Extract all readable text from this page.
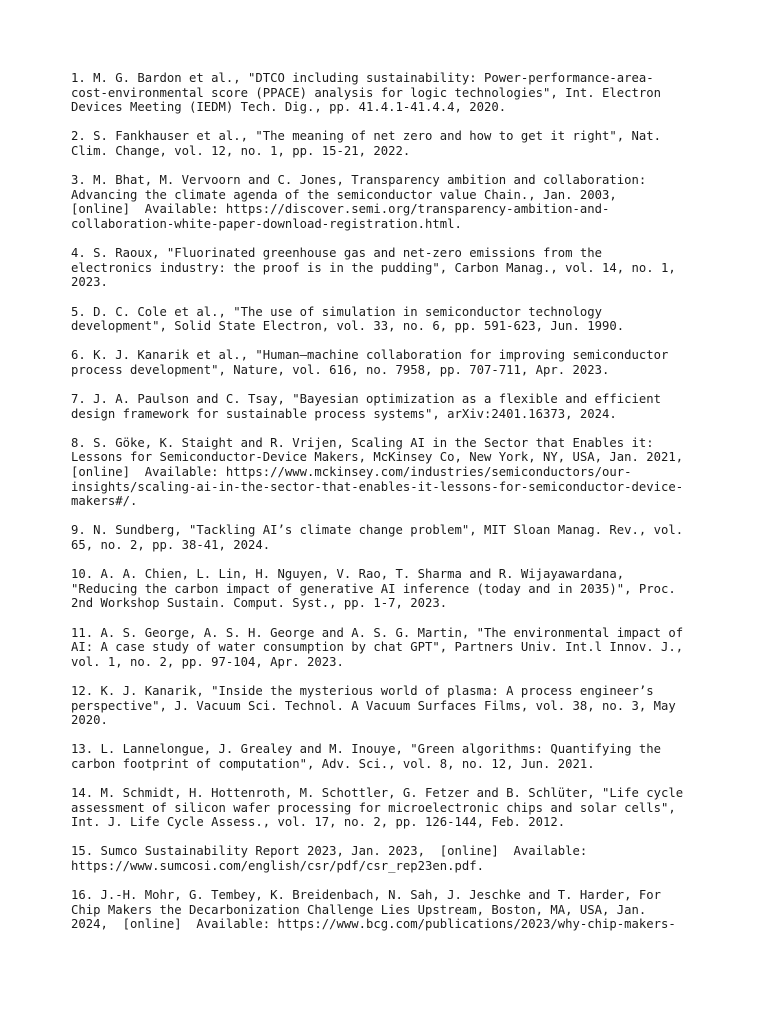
1. M. G. Bardon et al., "DTCO including sustainability: Power-performance-area-
cost-environmental score (PPACE) analysis for logic technologies", Int. Electron
Devices Meeting (IEDM) Tech. Dig., pp. 41.4.1-41.4.4, 2020.

2. S. Fankhauser et al., "The meaning of net zero and how to get it right", Nat.
Clim. Change, vol. 12, no. 1, pp. 15-21, 2022.

3. M. Bhat, M. Vervoorn and C. Jones, Transparency ambition and collaboration:
Advancing the climate agenda of the semiconductor value Chain., Jan. 2003,
[online]  Available: https://discover.semi.org/transparency-ambition-and-
collaboration-white-paper-download-registration.html.

4. S. Raoux, "Fluorinated greenhouse gas and net-zero emissions from the
electronics industry: the proof is in the pudding", Carbon Manag., vol. 14, no. 1,
2023.

5. D. C. Cole et al., "The use of simulation in semiconductor technology
development", Solid State Electron, vol. 33, no. 6, pp. 591-623, Jun. 1990.

6. K. J. Kanarik et al., "Human–machine collaboration for improving semiconductor
process development", Nature, vol. 616, no. 7958, pp. 707-711, Apr. 2023.

7. J. A. Paulson and C. Tsay, "Bayesian optimization as a flexible and efficient
design framework for sustainable process systems", arXiv:2401.16373, 2024.

8. S. Göke, K. Staight and R. Vrijen, Scaling AI in the Sector that Enables it:
Lessons for Semiconductor-Device Makers, McKinsey Co, New York, NY, USA, Jan. 2021,
[online]  Available: https://www.mckinsey.com/industries/semiconductors/our-
insights/scaling-ai-in-the-sector-that-enables-it-lessons-for-semiconductor-device-
makers#/.

9. N. Sundberg, "Tackling AI’s climate change problem", MIT Sloan Manag. Rev., vol.
65, no. 2, pp. 38-41, 2024.

10. A. A. Chien, L. Lin, H. Nguyen, V. Rao, T. Sharma and R. Wijayawardana,
"Reducing the carbon impact of generative AI inference (today and in 2035)", Proc.
2nd Workshop Sustain. Comput. Syst., pp. 1-7, 2023.

11. A. S. George, A. S. H. George and A. S. G. Martin, "The environmental impact of
AI: A case study of water consumption by chat GPT", Partners Univ. Int.l Innov. J.,
vol. 1, no. 2, pp. 97-104, Apr. 2023.

12. K. J. Kanarik, "Inside the mysterious world of plasma: A process engineer’s
perspective", J. Vacuum Sci. Technol. A Vacuum Surfaces Films, vol. 38, no. 3, May
2020.

13. L. Lannelongue, J. Grealey and M. Inouye, "Green algorithms: Quantifying the
carbon footprint of computation", Adv. Sci., vol. 8, no. 12, Jun. 2021.

14. M. Schmidt, H. Hottenroth, M. Schottler, G. Fetzer and B. Schlüter, "Life cycle
assessment of silicon wafer processing for microelectronic chips and solar cells",
Int. J. Life Cycle Assess., vol. 17, no. 2, pp. 126-144, Feb. 2012.

15. Sumco Sustainability Report 2023, Jan. 2023,  [online]  Available:
https://www.sumcosi.com/english/csr/pdf/csr_rep23en.pdf.

16. J.-H. Mohr, G. Tembey, K. Breidenbach, N. Sah, J. Jeschke and T. Harder, For
Chip Makers the Decarbonization Challenge Lies Upstream, Boston, MA, USA, Jan.
2024,  [online]  Available: https://www.bcg.com/publications/2023/why-chip-makers-
